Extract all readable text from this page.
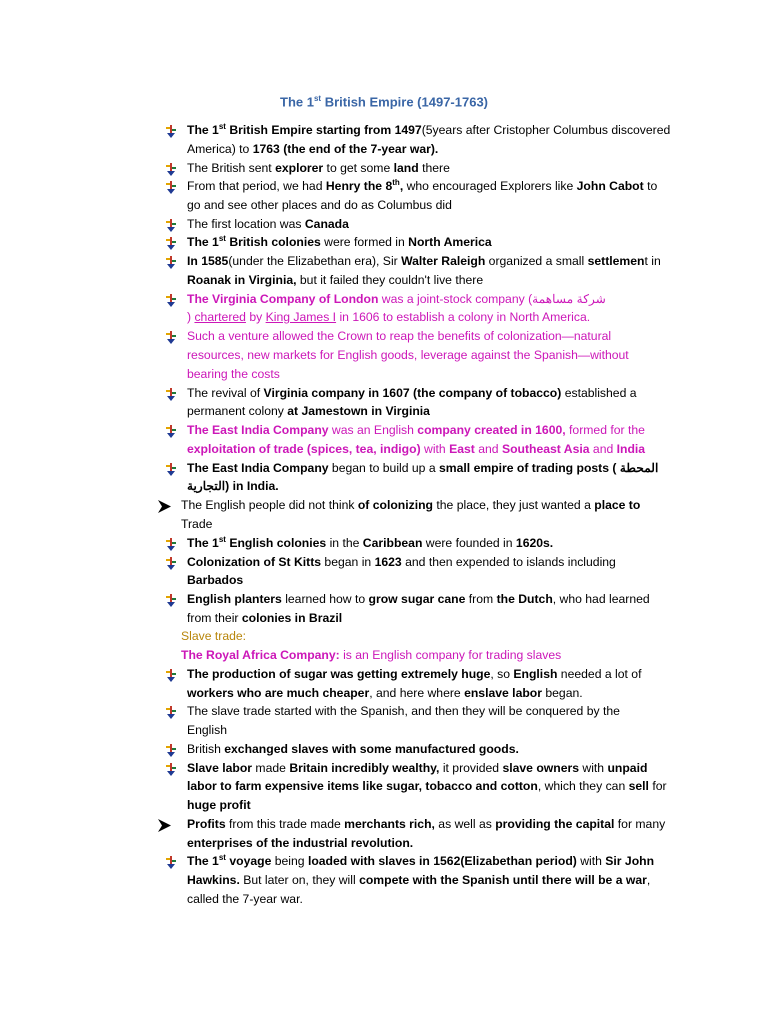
The 1st British Empire (1497-1763)
The 1st British Empire starting from 1497(5years after Cristopher Columbus discovered
America) to 1763 (the end of the 7-year war).
The British sent explorer to get some land there
From that period, we had Henry the 8th, who encouraged Explorers like John Cabot to
go and see other places and do as Columbus did
The first location was Canada
The 1st British colonies were formed in North America
In 1585(under the Elizabethan era), Sir Walter Raleigh organized a small settlement in
Roanak in Virginia, but it failed they couldn't live there
The Virginia Company of London was a joint-stock company (شركة مساهمة
) chartered by King James I in 1606 to establish a colony in North America.
Such a venture allowed the Crown to reap the benefits of colonization—natural
resources, new markets for English goods, leverage against the Spanish—without
bearing the costs
The revival of Virginia company in 1607 (the company of tobacco) established a
permanent colony at Jamestown in Virginia
The East India Company was an English company created in 1600, formed for the
exploitation of trade (spices, tea, indigo) with East and Southeast Asia and India
The East India Company began to build up a small empire of trading posts ( المحطة
التجارية) in India.
The English people did not think of colonizing the place, they just wanted a place to
Trade
The 1st English colonies in the Caribbean were founded in 1620s.
Colonization of St Kitts began in 1623 and then expended to islands including
Barbados
English planters learned how to grow sugar cane from the Dutch, who had learned
from their colonies in Brazil
Slave trade:
The Royal Africa Company: is an English company for trading slaves
The production of sugar was getting extremely huge, so English needed a lot of
workers who are much cheaper, and here where enslave labor began.
The slave trade started with the Spanish, and then they will be conquered by the
English
British exchanged slaves with some manufactured goods.
Slave labor made Britain incredibly wealthy, it provided slave owners with unpaid
labor to farm expensive items like sugar, tobacco and cotton, which they can sell for
huge profit
Profits from this trade made merchants rich, as well as providing the capital for many
enterprises of the industrial revolution.
The 1st voyage being loaded with slaves in 1562(Elizabethan period) with Sir John
Hawkins. But later on, they will compete with the Spanish until there will be a war,
called the 7-year war.
